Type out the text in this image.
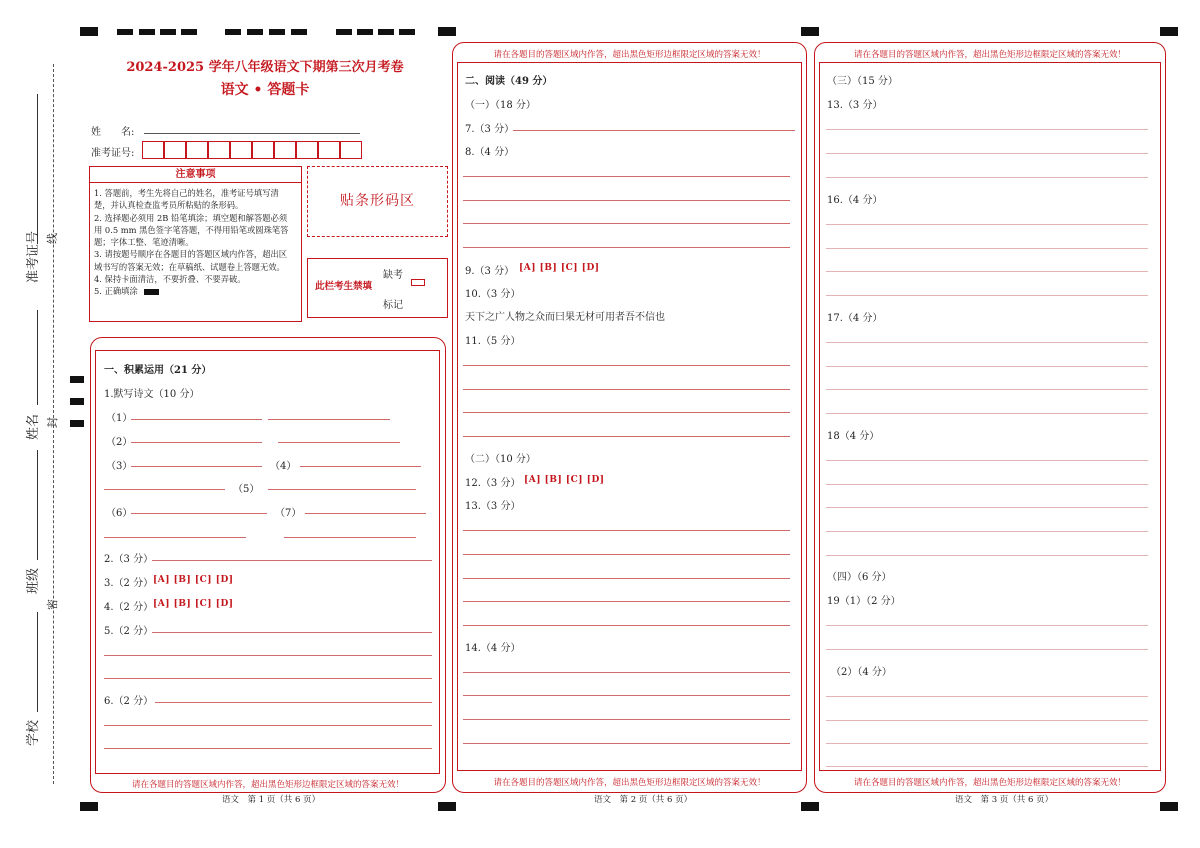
准考证号 线
姓名 封
班级
密
学校
2024-2025 学年八年级语文下期第三次月考卷
语文 • 答题卡
姓　　名:
准考证号:
注意事项
1. 答题前，考生先将自己的姓名，准考证号填写清楚，并认真检查监考员所粘贴的条形码。
2. 选择题必须用 2B 铅笔填涂；填空题和解答题必须用 0.5 mm 黑色签字笔答题，不得用铅笔或圆珠笔答题；字体工整、笔迹清晰。
3. 请按题号顺序在各题目的答题区域内作答，超出区域书写的答案无效；在草稿纸、试题卷上答题无效。
4. 保持卡面清洁，不要折叠、不要弄破。
5. 正确填涂
贴条形码区
此栏考生禁填
缺考
标记
一、积累运用（21 分）
1.默写诗文（10 分）
（1）
（2）
（3）	（4）
（5）
（6）	（7）
2.（3 分）
3.（2 分） [A] [B] [C] [D]
4.（2 分） [A] [B] [C] [D]
5.（2 分）
6.（2 分）
请在各题目的答题区域内作答，超出黑色矩形边框限定区域的答案无效！
语文　第 1 页（共 6 页）
请在各题目的答题区域内作答，超出黑色矩形边框限定区域的答案无效！
二、阅读（49 分）
（一）（18 分）
7.（3 分）
8.（4 分）
9.（3 分） [A] [B] [C] [D]
10.（3 分）
天下之广人物之众而曰果无材可用者吾不信也
11.（5 分）
（二）（10 分）
12.（3 分） [A] [B] [C] [D]
13.（3 分）
14.（4 分）
请在各题目的答题区域内作答，超出黑色矩形边框限定区域的答案无效！
语文　第 2 页（共 6 页）
请在各题目的答题区域内作答，超出黑色矩形边框限定区域的答案无效！
（三）（15 分）
13.（3 分）
16.（4 分）
17.（4 分）
18（4 分）
（四）（6 分）
19（1）（2 分）
（2）（4 分）
请在各题目的答题区域内作答，超出黑色矩形边框限定区域的答案无效！
语文　第 3 页（共 6 页）
